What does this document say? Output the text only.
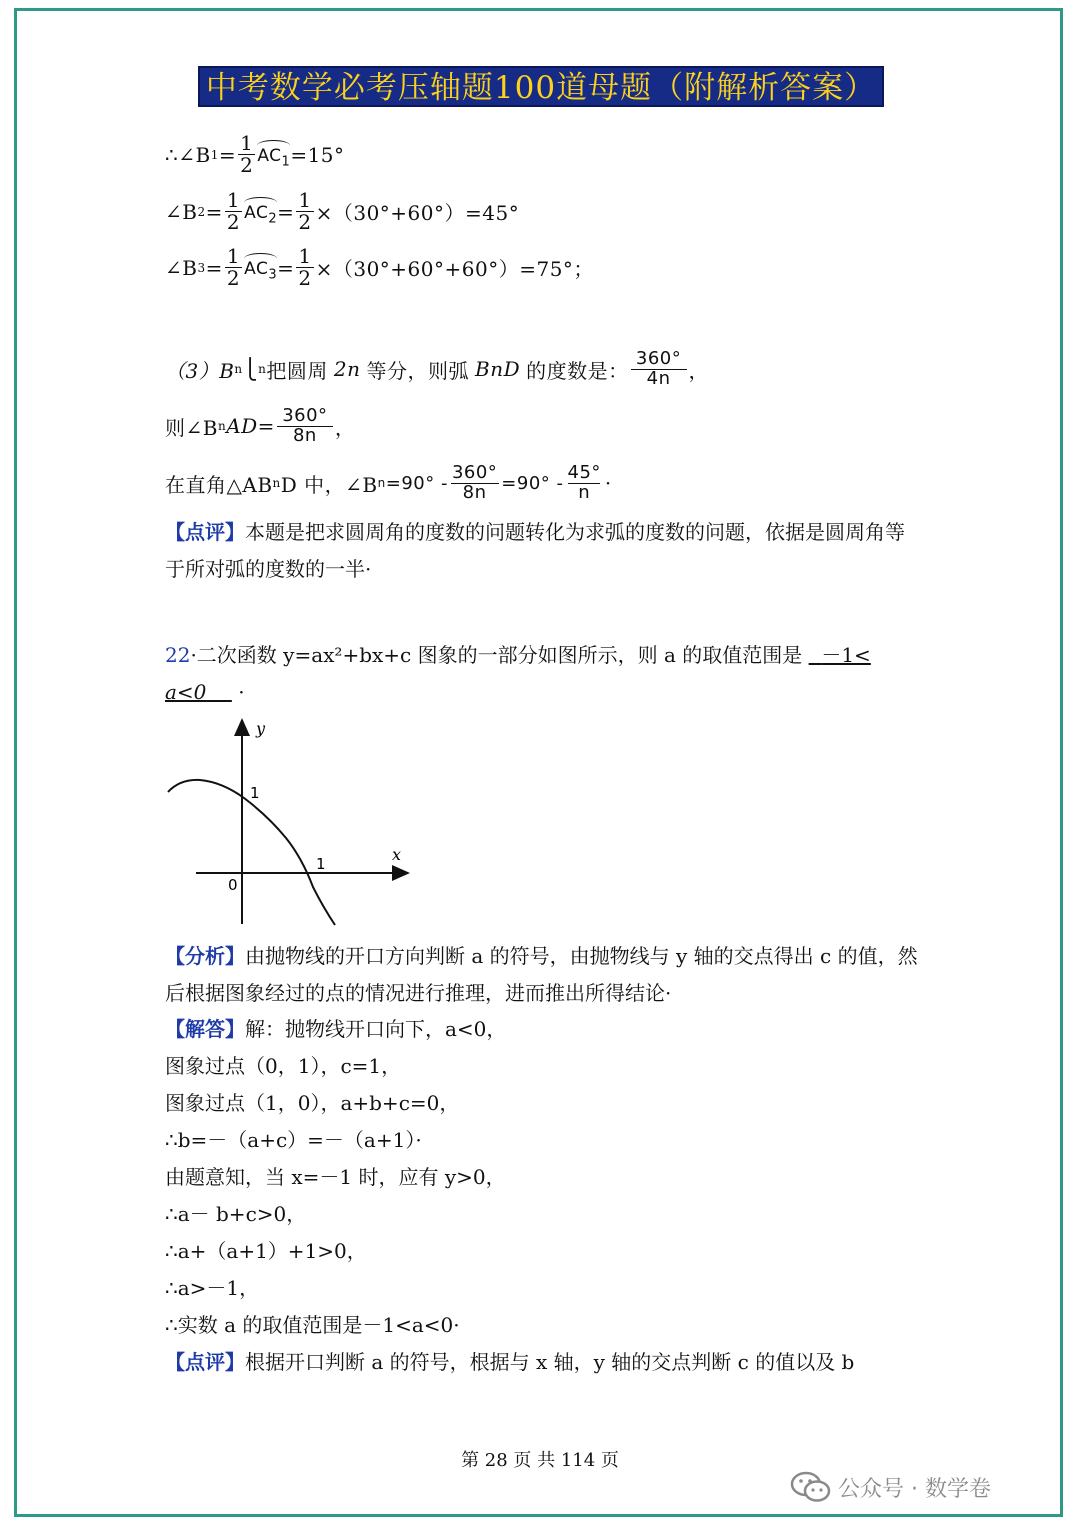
中考数学必考压轴题100道母题（附解析答案）
∴∠B $1 = \frac{1}{2} AC_1 =15^\circ$
∠B $2 = \frac{1}{2} AC_2 = \frac{1}{2} \times(30^\circ+60^\circ)=45^\circ$
∠B $3 = \frac{1}{2} AC_3 = \frac{1}{2} \times(30^\circ+60^\circ+60^\circ)=75^\circ$；
（3）B n ⎩ n 把圆周 2n 等分，则弧 BnD 的度数是： $\frac{360^\circ}{4n}$ ，
则∠B n $AD= \frac{360^\circ}{8n}$ ，
在直角△AB n D 中，∠B $n =90^\circ - \frac{360^\circ}{8n} =90^\circ - \frac{45^\circ}{n}$ ·
【点评】本题是把求圆周角的度数的问题转化为求弧的度数的问题，依据是圆周角等于所对弧的度数的一半·
22·二次函数 y=ax²+bx+c 图象的一部分如图所示，则 a 的取值范围是 －1<
a<0 ·
y
x
0
1
1
【分析】由抛物线的开口方向判断 a 的符号，由抛物线与 y 轴的交点得出 c 的值，然后根据图象经过的点的情况进行推理，进而推出所得结论·
【解答】解：抛物线开口向下，a<0，
图象过点（0，1），c=1，
图象过点（1，0），a+b+c=0，
∴b=－（a+c）=－（a+1）·
由题意知，当 x=－1 时，应有 y>0，
∴a－ b+c>0，
∴a+（a+1）+1>0，
∴a>－1，
∴实数 a 的取值范围是－1<a<0·
【点评】根据开口判断 a 的符号，根据与 x 轴，y 轴的交点判断 c 的值以及 b
第 28 页 共 114 页
公众号 · 数学卷
